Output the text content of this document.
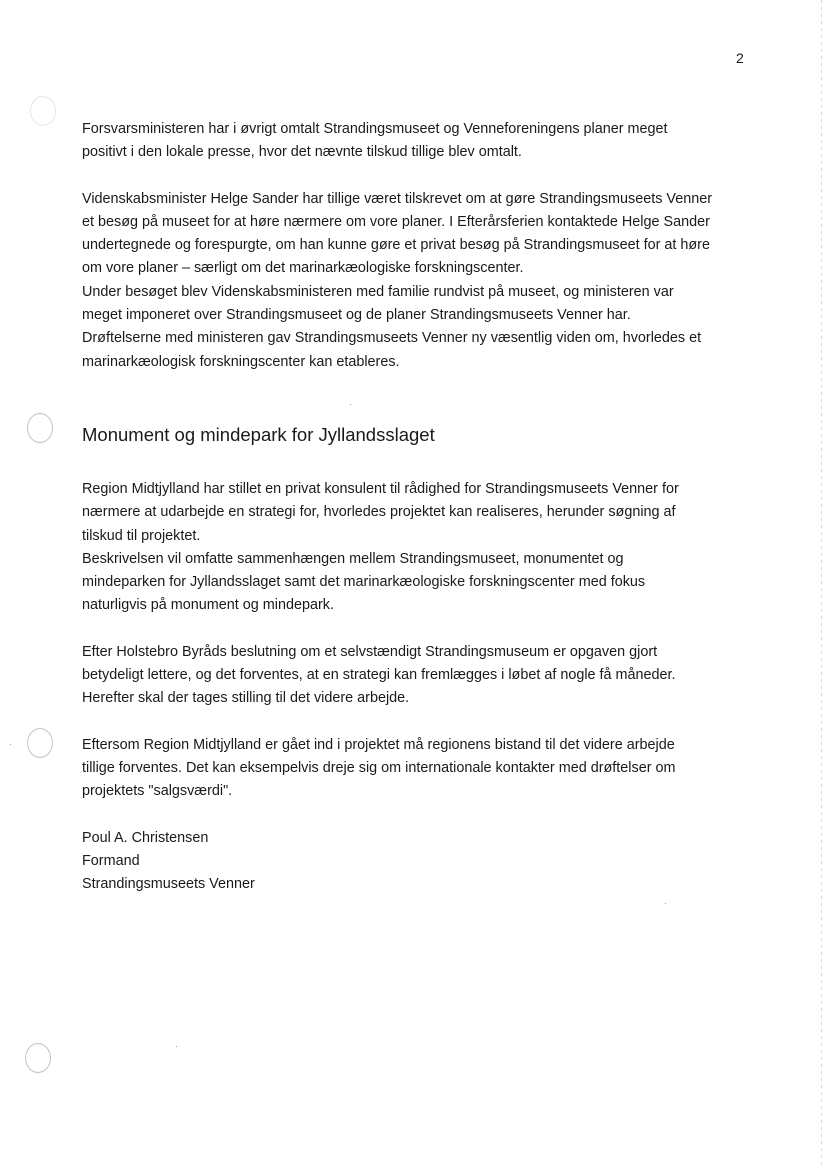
2

Forsvarsministeren har i øvrigt omtalt Strandingsmuseet og Venneforeningens planer meget
positivt i den lokale presse, hvor det nævnte tilskud tillige blev omtalt.

Videnskabsminister Helge Sander har tillige været tilskrevet om at gøre Strandingsmuseets Venner
et besøg på museet for at høre nærmere om vore planer. I Efterårsferien kontaktede Helge Sander
undertegnede og forespurgte, om han kunne gøre et privat besøg på Strandingsmuseet for at høre
om vore planer – særligt om det marinarkæologiske forskningscenter.

Under besøget blev Videnskabsministeren med familie rundvist på museet, og ministeren var
meget imponeret over Strandingsmuseet og de planer Strandingsmuseets Venner har.

Drøftelserne med ministeren gav Strandingsmuseets Venner ny væsentlig viden om, hvorledes et
marinarkæologisk forskningscenter kan etableres.

Monument og mindepark for Jyllandsslaget

Region Midtjylland har stillet en privat konsulent til rådighed for Strandingsmuseets Venner for
nærmere at udarbejde en strategi for, hvorledes projektet kan realiseres, herunder søgning af
tilskud til projektet.

Beskrivelsen vil omfatte sammenhængen mellem Strandingsmuseet, monumentet og
mindeparken for Jyllandsslaget samt det marinarkæologiske forskningscenter med fokus
naturligvis på monument og mindepark.

Efter Holstebro Byråds beslutning om et selvstændigt Strandingsmuseum er opgaven gjort
betydeligt lettere, og det forventes, at en strategi kan fremlægges i løbet af nogle få måneder.
Herefter skal der tages stilling til det videre arbejde.

Eftersom Region Midtjylland er gået ind i projektet må regionens bistand til det videre arbejde
tillige forventes. Det kan eksempelvis dreje sig om internationale kontakter med drøftelser om
projektets "salgsværdi".

Poul A. Christensen

Formand

Strandingsmuseets Venner
